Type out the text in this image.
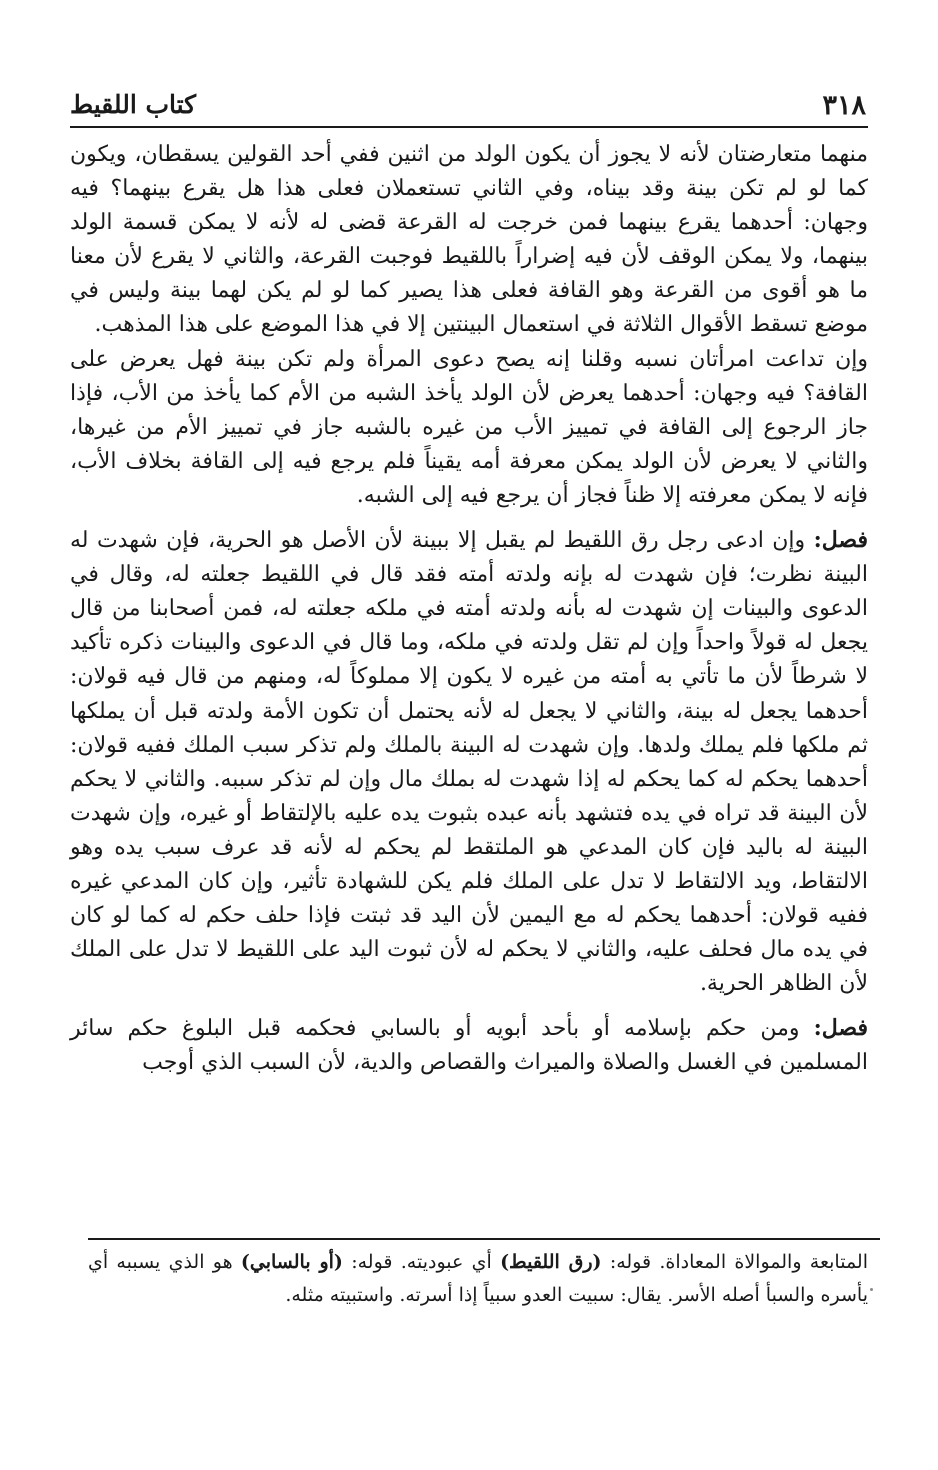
٣١٨
كتاب اللقيط

منهما متعارضتان لأنه لا يجوز أن يكون الولد من اثنين ففي أحد القولين يسقطان، ويكون كما لو لم تكن بينة وقد بيناه، وفي الثاني تستعملان فعلى هذا هل يقرع بينهما؟ فيه وجهان: أحدهما يقرع بينهما فمن خرجت له القرعة قضى له لأنه لا يمكن قسمة الولد بينهما، ولا يمكن الوقف لأن فيه إضراراً باللقيط فوجبت القرعة، والثاني لا يقرع لأن معنا ما هو أقوى من القرعة وهو القافة فعلى هذا يصير كما لو لم يكن لهما بينة وليس في موضع تسقط الأقوال الثلاثة في استعمال البينتين إلا في هذا الموضع على هذا المذهب.

وإن تداعت امرأتان نسبه وقلنا إنه يصح دعوى المرأة ولم تكن بينة فهل يعرض على القافة؟ فيه وجهان: أحدهما يعرض لأن الولد يأخذ الشبه من الأم كما يأخذ من الأب، فإذا جاز الرجوع إلى القافة في تمييز الأب من غيره بالشبه جاز في تمييز الأم من غيرها، والثاني لا يعرض لأن الولد يمكن معرفة أمه يقيناً فلم يرجع فيه إلى القافة بخلاف الأب، فإنه لا يمكن معرفته إلا ظناً فجاز أن يرجع فيه إلى الشبه.

فصل: وإن ادعى رجل رق اللقيط لم يقبل إلا ببينة لأن الأصل هو الحرية، فإن شهدت له البينة نظرت؛ فإن شهدت له بإنه ولدته أمته فقد قال في اللقيط جعلته له، وقال في الدعوى والبينات إن شهدت له بأنه ولدته أمته في ملكه جعلته له، فمن أصحابنا من قال يجعل له قولاً واحداً وإن لم تقل ولدته في ملكه، وما قال في الدعوى والبينات ذكره تأكيد لا شرطاً لأن ما تأتي به أمته من غيره لا يكون إلا مملوكاً له، ومنهم من قال فيه قولان: أحدهما يجعل له بينة، والثاني لا يجعل له لأنه يحتمل أن تكون الأمة ولدته قبل أن يملكها ثم ملكها فلم يملك ولدها. وإن شهدت له البينة بالملك ولم تذكر سبب الملك ففيه قولان: أحدهما يحكم له كما يحكم له إذا شهدت له بملك مال وإن لم تذكر سببه. والثاني لا يحكم لأن البينة قد تراه في يده فتشهد بأنه عبده بثبوت يده عليه بالإلتقاط أو غيره، وإن شهدت البينة له باليد فإن كان المدعي هو الملتقط لم يحكم له لأنه قد عرف سبب يده وهو الالتقاط، ويد الالتقاط لا تدل على الملك فلم يكن للشهادة تأثير، وإن كان المدعي غيره ففيه قولان: أحدهما يحكم له مع اليمين لأن اليد قد ثبتت فإذا حلف حكم له كما لو كان في يده مال فحلف عليه، والثاني لا يحكم له لأن ثبوت اليد على اللقيط لا تدل على الملك لأن الظاهر الحرية.

فصل: ومن حكم بإسلامه أو بأحد أبويه أو بالسابي فحكمه قبل البلوغ حكم سائر المسلمين في الغسل والصلاة والميراث والقصاص والدية، لأن السبب الذي أوجب

المتابعة والموالاة المعاداة. قوله: (رق اللقيط) أي عبوديته. قوله: (أو بالسابي) هو الذي يسببه أي يأسره والسبأ أصله الأسر. يقال: سبيت العدو سبياً إذا أسرته. واستبيته مثله.
